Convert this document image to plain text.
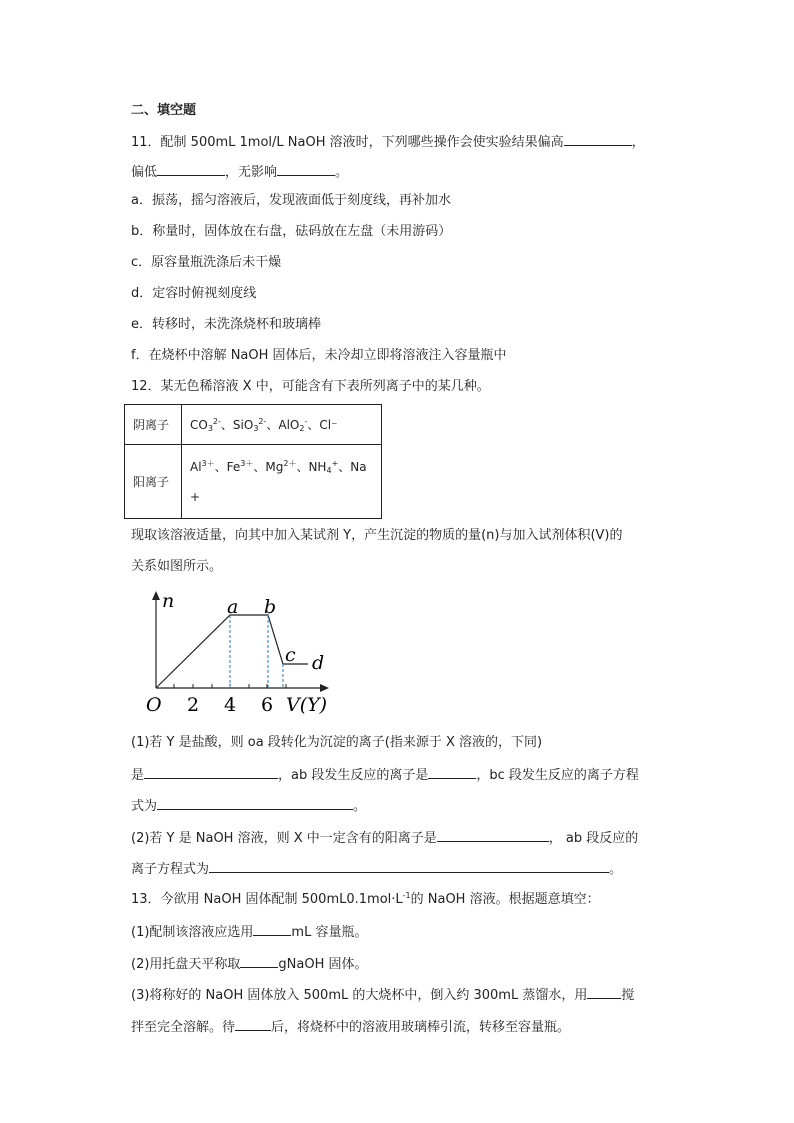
二、填空题
11．配制 500mL 1mol/L NaOH 溶液时，下列哪些操作会使实验结果偏高	，
偏低	，无影响	。
a．振荡，摇匀溶液后，发现液面低于刻度线，再补加水
b．称量时，固体放在右盘，砝码放在左盘（未用游码）
c．原容量瓶洗涤后未干燥
d．定容时俯视刻度线
e．转移时，未洗涤烧杯和玻璃棒
f．在烧杯中溶解 NaOH 固体后，未冷却立即将溶液注入容量瓶中
12．某无色稀溶液 X 中，可能含有下表所列离子中的某几种。
阴离子	$CO_3^{2-}$、SiO$_3^{2-}$、AlO$_2$-、Cl⁻
阳离子	$Al^{3+}$、$Fe^{3+}$、$Mg^{2+}$、$NH_4^+$、Na
+
现取该溶液适量，向其中加入某试剂 Y，产生沉淀的物质的量(n)与加入试剂体积(V)的
关系如图所示。
n	a b
c d
O 2 4 6 V(Y)
(1)若 Y 是盐酸，则 oa 段转化为沉淀的离子(指来源于 X 溶液的，下同)
是	，ab 段发生反应的离子是	，bc 段发生反应的离子方程
式为	。
(2)若 Y 是 NaOH 溶液，则 X 中一定含有的阳离子是	， ab 段反应的
离子方程式为	。
13．今欲用 NaOH 固体配制 $500mL0.1mol\cdot L^{-1}$的 NaOH 溶液。根据题意填空：
(1)配制该溶液应选用	mL 容量瓶。
(2)用托盘天平称取	gNaOH 固体。
(3)将称好的 NaOH 固体放入 500mL 的大烧杯中，倒入约 300mL 蒸馏水，用	搅
拌至完全溶解。待	后，将烧杯中的溶液用玻璃棒引流，转移至容量瓶。
